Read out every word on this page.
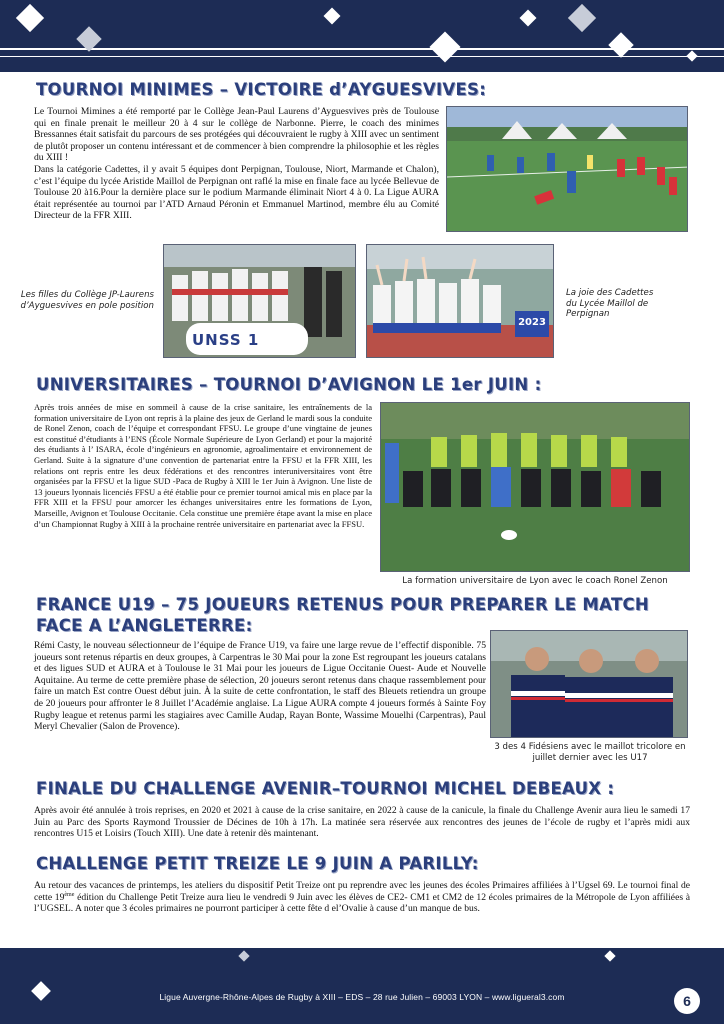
TOURNOI MINIMES – VICTOIRE d’AYGUESVIVES:

Le Tournoi Mimines a été remporté par le Collège Jean-Paul Laurens d’Ayguesvives près de Toulouse qui en finale prenait le meilleur 20 à 4 sur le collège de Narbonne. Pierre, le coach des minimes Bressannes était satisfait du parcours de ses protégées qui découvraient le rugby à XIII avec un sentiment de plutôt proposer un contenu intéressant et de commencer à bien comprendre la philosophie et les règles du XIII !

Dans la catégorie Cadettes, il y avait 5 équipes dont Perpignan, Toulouse, Niort, Marmande et Chalon), c’est l’équipe du lycée Aristide Maillol de Perpignan ont raflé la mise en finale face au lycée Bellevue de Toulouse 20 à16.Pour la dernière place sur le podium Marmande éliminait Niort 4 à 0. La Ligue AURA était représentée au tournoi par l’ATD Arnaud Péronin et Emmanuel Martinod, membre élu au Comité Directeur de la FFR XIII.

UNSS 1
2023
Les filles du Collège JP-Laurens d’Ayguesvives en pole position
La joie des Cadettes du Lycée Maillol de Perpignan
UNIVERSITAIRES – TOURNOI D’AVIGNON LE 1er JUIN :
Après trois années de mise en sommeil à cause de la crise sanitaire, les entraînements de la formation universitaire de Lyon ont repris à la plaine des jeux de Gerland le mardi sous la conduite de Ronel Zenon, coach de l’équipe et correspondant FFSU. Le groupe d’une vingtaine de jeunes est constitué d’étudiants à l’ENS (École Normale Supérieure de Lyon Gerland) et pour la majorité des étudiants à l’ ISARA, école d’ingénieurs en agronomie, agroalimentaire et environnement de Gerland. Suite à la signature d’une convention de partenariat entre la FFSU et la FFR XIII, les relations ont repris entre les deux fédérations et des rencontres interuniversitaires vont être organisées par la FFSU et la ligue SUD -Paca de Rugby à XIII le 1er Juin à Avignon. Une liste de 13 joueurs lyonnais licenciés FFSU a été établie pour ce premier tournoi amical mis en place par la FFR XIII et la FFSU pour amorcer les échanges universitaires entre les formations de Lyon, Marseille, Avignon et Toulouse Occitanie. Cela constitue une première étape avant la mise en place d’un Championnat Rugby à XIII à la prochaine rentrée universitaire en partenariat avec la FFSU.
La formation universitaire de Lyon avec le coach Ronel Zenon
FRANCE U19 – 75 JOUEURS RETENUS POUR PREPARER LE MATCH
FACE A L’ANGLETERRE:
Rémi Casty, le nouveau sélectionneur de l’équipe de France U19, va faire une large revue de l’effectif disponible. 75 joueurs sont retenus répartis en deux groupes, à Carpentras le 30 Mai pour la zone Est regroupant les joueurs catalans et des ligues SUD et AURA et à Toulouse le 31 Mai pour les joueurs de Ligue Occitanie Ouest- Aude et Nouvelle Aquitaine. Au terme de cette première phase de sélection, 20 joueurs seront retenus dans chaque rassemblement pour faire un match Est contre Ouest début juin. À la suite de cette confrontation, le staff des Bleuets retiendra un groupe de 20 joueurs pour affronter le 8 Juillet l’Académie anglaise. La Ligue AURA compte 4 joueurs formés à Sainte Foy Rugby league et retenus parmi les stagiaires avec Camille Audap, Rayan Bonte, Wassime Mouelhi (Carpentras), Paul Meryl Chevalier (Salon de Provence).
3 des 4 Fidésiens avec le maillot tricolore en juillet dernier avec les U17
FINALE DU CHALLENGE AVENIR–TOURNOI MICHEL DEBEAUX :
Après avoir été annulée à trois reprises, en 2020 et 2021 à cause de la crise sanitaire, en 2022 à cause de la canicule, la finale du Challenge Avenir aura lieu le samedi 17 Juin au Parc des Sports Raymond Troussier de Décines de 10h à 17h. La matinée sera réservée aux rencontres des jeunes de l’école de rugby et l’après midi aux rencontres U15 et Loisirs (Touch XIII). Une date à retenir dès maintenant.
CHALLENGE PETIT TREIZE LE 9 JUIN A PARILLY:
Au retour des vacances de printemps, les ateliers du dispositif Petit Treize ont pu reprendre avec les jeunes des écoles Primaires affiliées à l’Ugsel 69. Le tournoi final de cette 19ème édition du Challenge Petit Treize aura lieu le vendredi 9 Juin avec les élèves de CE2- CM1 et CM2 de 12 écoles primaires de la Métropole de Lyon affiliées à l’UGSEL. A noter que 3 écoles primaires ne pourront participer à cette fête d el’Ovalie à cause d’un manque de bus.
Ligue Auvergne-Rhône-Alpes de Rugby à XIII – EDS – 28 rue Julien – 69003 LYON – www.ligueral3.com	6
